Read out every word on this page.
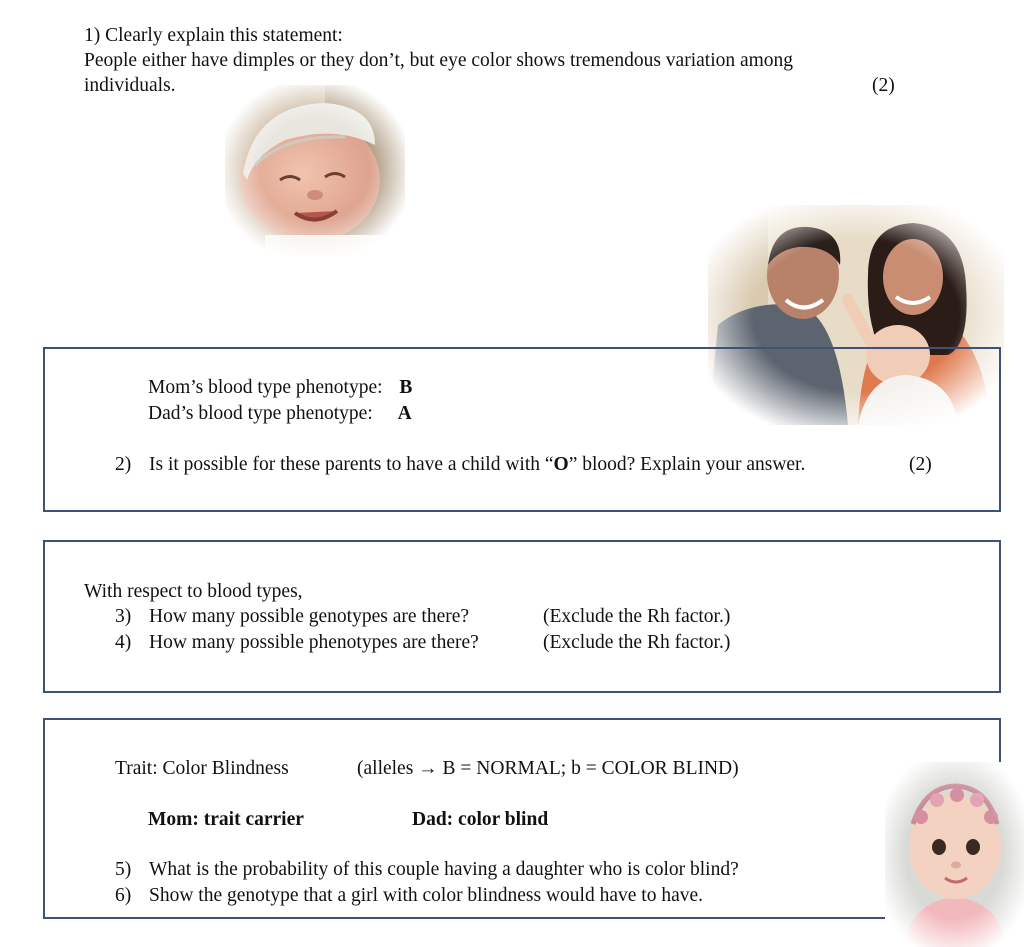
1) Clearly explain this statement:
People either have dimples or they don’t, but eye color shows tremendous variation among
individuals.	(2)
Mom’s blood type phenotype: B
Dad’s blood type phenotype: A
2) Is it possible for these parents to have a child with “O” blood? Explain your answer.	(2)
With respect to blood types,
3) How many possible genotypes are there?	(Exclude the Rh factor.)
4) How many possible phenotypes are there?	(Exclude the Rh factor.)
Trait: Color Blindness	(alleles → B = NORMAL; b = COLOR BLIND)
Mom: trait carrier	Dad: color blind
5) What is the probability of this couple having a daughter who is color blind?
6) Show the genotype that a girl with color blindness would have to have.
